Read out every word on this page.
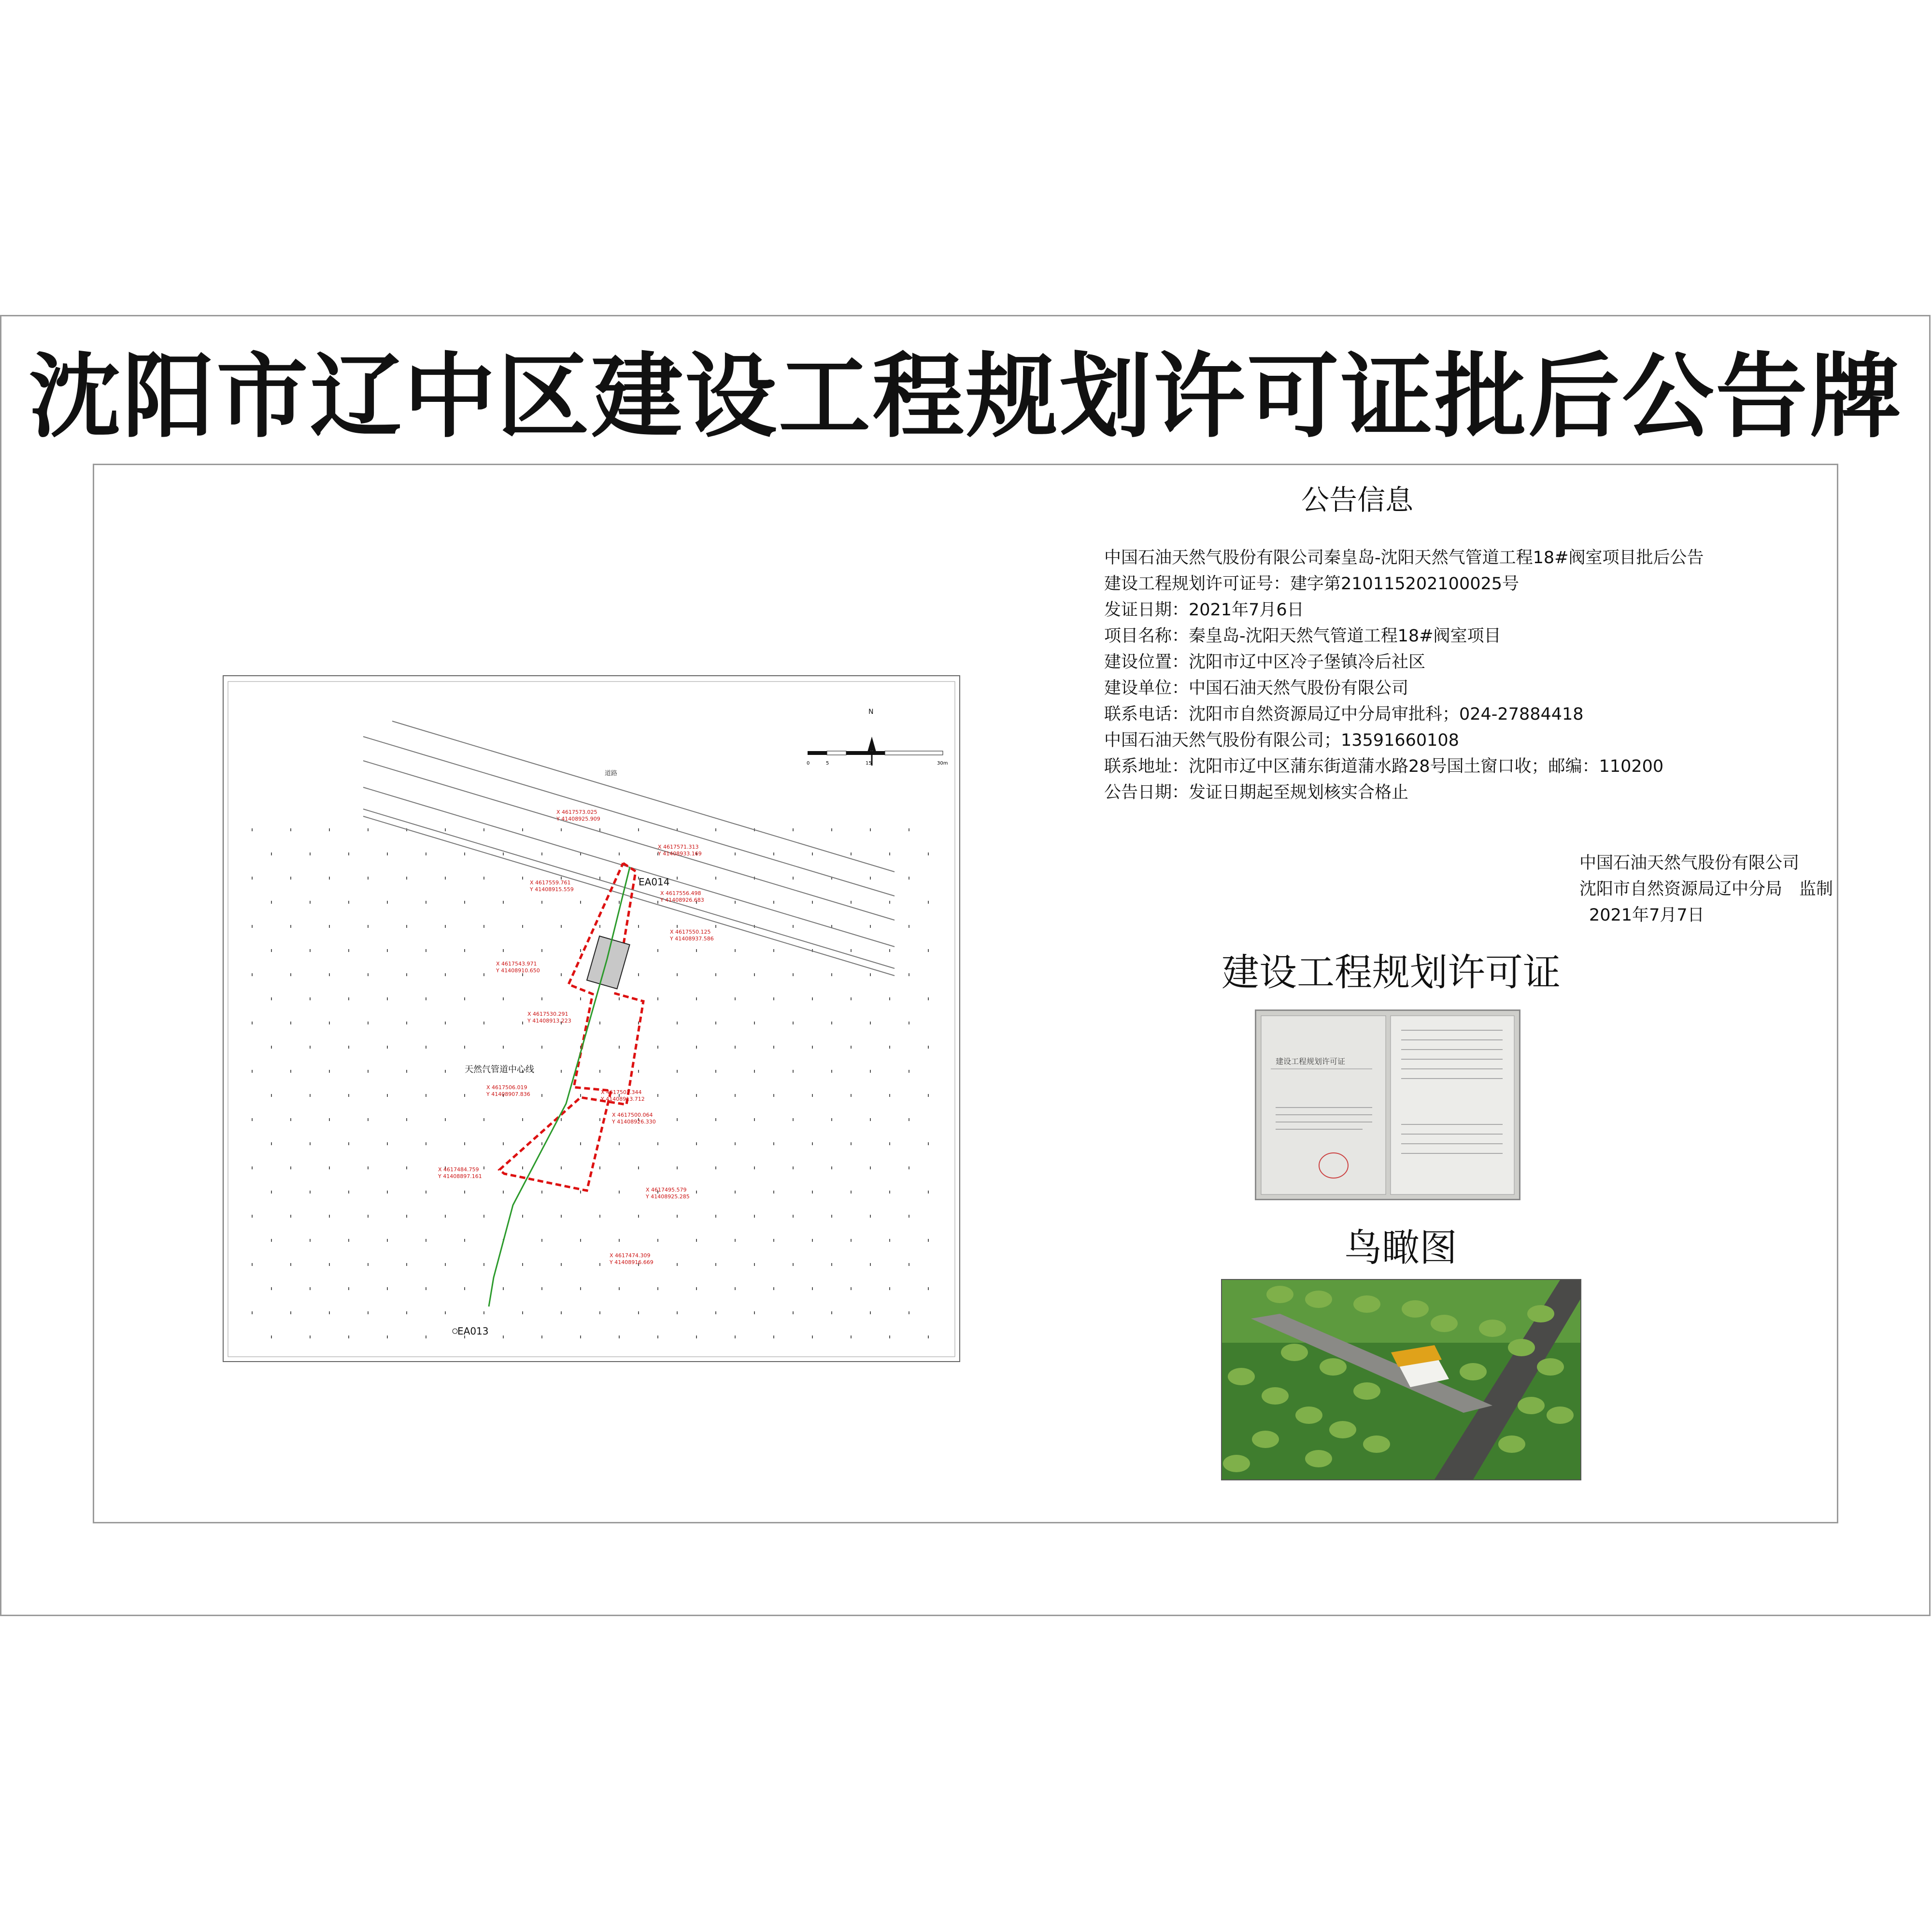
沈阳市辽中区建设工程规划许可证批后公告牌
道路
N
0	5	15	30m
天然气管道中心线
EA014
EA013
X 4617573.025
Y 41408925.909
X 4617571.313
Y 41408933.169
X 4617559.761
Y 41408915.559
X 4617556.498
Y 41408926.683
X 4617550.125
Y 41408937.586
X 4617543.971
Y 41408910.650
X 4617530.291
Y 41408913.223
X 4617506.019
Y 41408907.836	X 4617503.344
Y 41408913.712
X 4617500.064
Y 41408926.330
X 4617484.759
Y 41408897.161
X 4617495.579
Y 41408925.285
X 4617474.309
Y 41408916.669
公告信息
中国石油天然气股份有限公司秦皇岛-沈阳天然气管道工程18#阀室项目批后公告
建设工程规划许可证号：建字第210115202100025号
发证日期：2021年7月6日
项目名称：秦皇岛-沈阳天然气管道工程18#阀室项目
建设位置：沈阳市辽中区冷子堡镇冷后社区
建设单位：中国石油天然气股份有限公司
联系电话：沈阳市自然资源局辽中分局审批科；024-27884418
中国石油天然气股份有限公司；13591660108
联系地址：沈阳市辽中区蒲东街道蒲水路28号国土窗口收；邮编：110200
公告日期：发证日期起至规划核实合格止
中国石油天然气股份有限公司
沈阳市自然资源局辽中分局　监制
2021年7月7日
建设工程规划许可证
建设工程规划许可证
鸟瞰图
